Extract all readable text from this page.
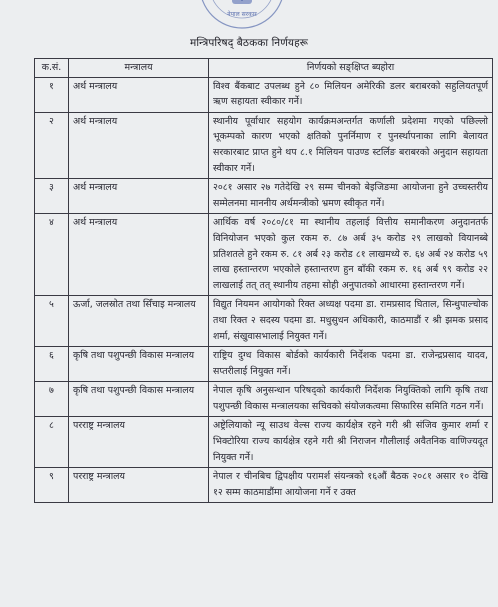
नेपाल सरकार
मन्त्रिपरिषद् बैठकका निर्णयहरू
क.सं.	मन्त्रालय	निर्णयको सङ्क्षिप्त ब्यहोरा
१	अर्थ मन्त्रालय	विश्व बैंकबाट उपलब्ध हुने ८० मिलियन अमेरिकी डलर बराबरको सहुलियतपूर्ण ऋण सहायता स्वीकार गर्ने।
२	अर्थ मन्त्रालय	स्थानीय पूर्वाधार सहयोग कार्यक्रमअन्तर्गत कर्णाली प्रदेशमा गएको पछिल्लो भूकम्पको कारण भएको क्षतिको पुनर्निमाण र पुनर्स्थापनाका लागि बेलायत सरकारबाट प्राप्त हुने थप ८.१ मिलियन पाउण्ड स्टर्लिङ बराबरको अनुदान सहायता स्वीकार गर्ने।
३	अर्थ मन्त्रालय	२०८१ असार २७ गतेदेखि २९ सम्म चीनको बेइजिङमा आयोजना हुने उच्चस्तरीय सम्मेलनमा माननीय अर्थमन्त्रीको भ्रमण स्वीकृत गर्ने।
४	अर्थ मन्त्रालय	आर्थिक वर्ष २०८०/८१ मा स्थानीय तहलाई वित्तीय समानीकरण अनुदानतर्फ विनियोजन भएको कुल रकम रु. ८७ अर्ब ३५ करोड २९ लाखको वियानब्बे प्रतिशतले हुने रकम रु. ८१ अर्ब २३ करोड ८१ लाखमध्ये रु. ६४ अर्ब २४ करोड ५९ लाख हस्तान्तरण भएकोले हस्तान्तरण हुन बाँकी रकम रु. १६ अर्ब ९९ करोड २२ लाखलाई तत् तत् स्थानीय तहमा सोही अनुपातको आधारमा हस्तान्तरण गर्ने।
५	ऊर्जा, जलस्रोत तथा सिँचाइ मन्त्रालय	विद्युत नियमन आयोगको रिक्त अध्यक्ष पदमा डा. रामप्रसाद घिताल, सिन्धुपाल्चोक तथा रिक्त २ सदस्य पदमा डा. मधुसुधन अधिकारी, काठमाडौं र श्री झमक प्रसाद शर्मा, संखुवासभालाई नियुक्त गर्ने।
६	कृषि तथा पशुपन्छी विकास मन्त्रालय	राष्ट्रिय दुग्ध विकास बोर्डको कार्यकारी निर्देशक पदमा डा. राजेन्द्रप्रसाद यादव, सप्तरीलाई नियुक्त गर्ने।
७	कृषि तथा पशुपन्छी विकास मन्त्रालय	नेपाल कृषि अनुसन्धान परिषद्को कार्यकारी निर्देशक नियुक्तिको लागि कृषि तथा पशुपन्छी विकास मन्त्रालयका सचिवको संयोजकत्वमा सिफारिस समिति गठन गर्ने।
८	परराष्ट्र मन्त्रालय	अष्ट्रेलियाको न्यू साउथ वेल्स राज्य कार्यक्षेत्र रहने गरी श्री संजिव कुमार शर्मा र भिक्टोरिया राज्य कार्यक्षेत्र रहने गरी श्री निराजन गौलीलाई अवैतनिक वाणिज्यदूत नियुक्त गर्ने।
९	परराष्ट्र मन्त्रालय	नेपाल र चीनबिच द्विपक्षीय परामर्श संयन्त्रको १६औं बैठक २०८१ असार १० देखि १२ सम्म काठमाडौंमा आयोजना गर्ने र उक्त
